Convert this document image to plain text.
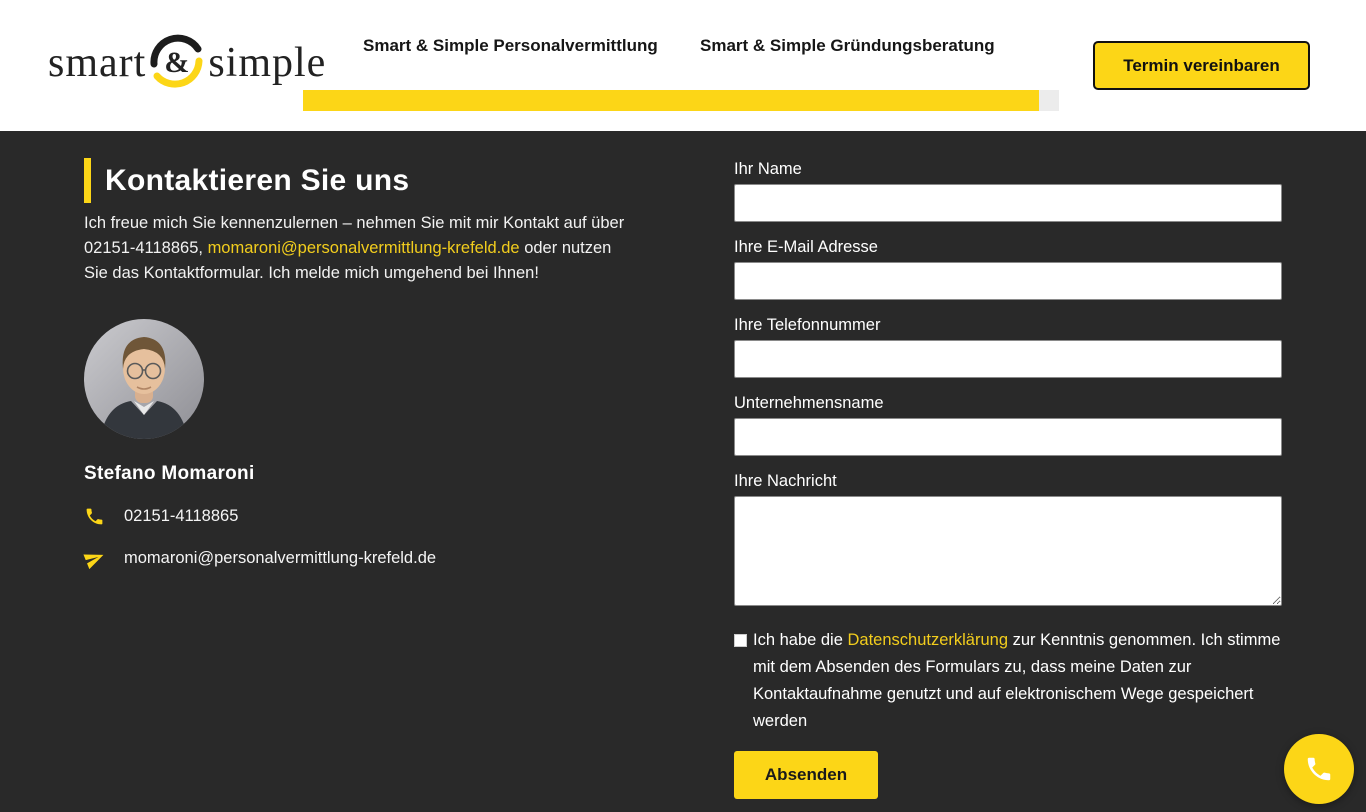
smart & simple Smart & Simple Personalvermittlung Smart & Simple Gründungsberatung
Termin vereinbaren
Kontaktieren Sie uns

Ich freue mich Sie kennenzulernen – nehmen Sie mit mir Kontakt auf über 02151-4118865, momaroni@personalvermittlung-krefeld.de oder nutzen Sie das Kontaktformular. Ich melde mich umgehend bei Ihnen!

Stefano Momaroni
02151-4118865
momaroni@personalvermittlung-krefeld.de
Ihr Name
Ihre E-Mail Adresse
Ihre Telefonnummer
Unternehmensname
Ihre Nachricht
Ich habe die Datenschutzerklärung zur Kenntnis genommen. Ich stimme mit dem Absenden des Formulars zu, dass meine Daten zur Kontaktaufnahme genutzt und auf elektronischem Wege gespeichert werden
Absenden
